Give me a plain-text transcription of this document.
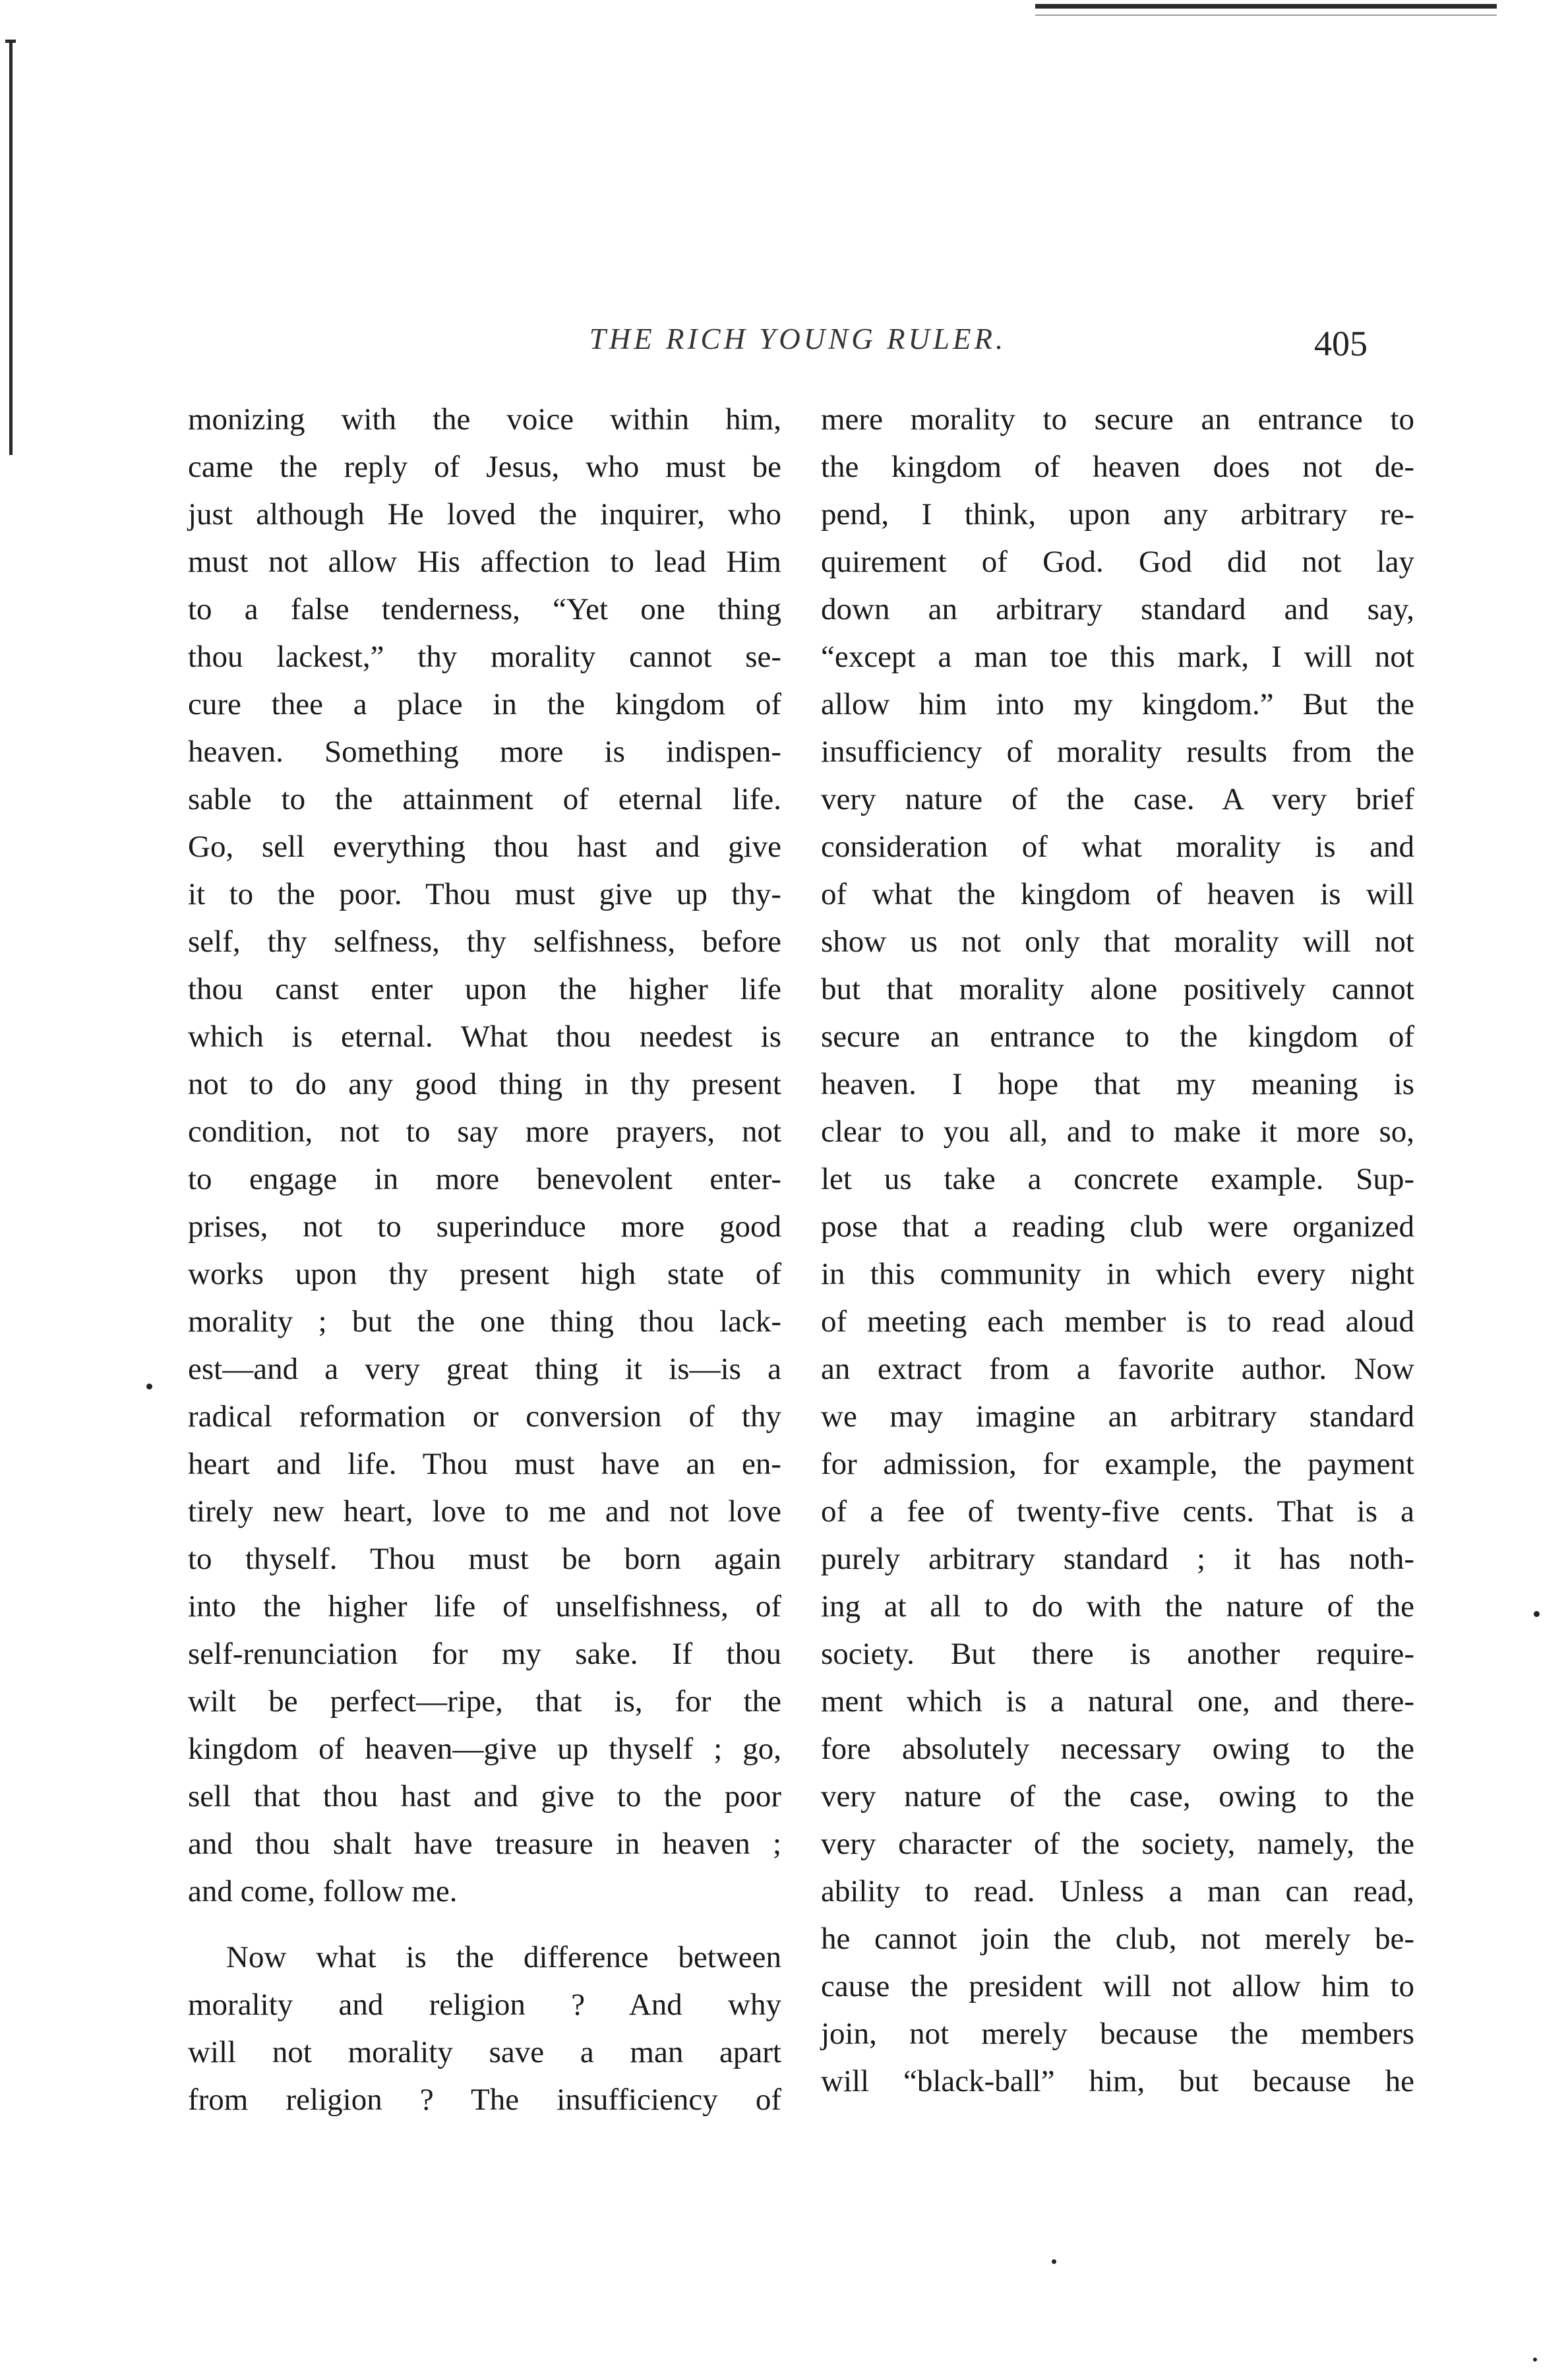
THE RICH YOUNG RULER.	405
monizing with the voice within him,
came the reply of Jesus, who must be
just although He loved the inquirer, who
must not allow His affection to lead Him
to a false tenderness, “Yet one thing
thou lackest,” thy morality cannot se-
cure thee a place in the kingdom of
heaven. Something more is indispen-
sable to the attainment of eternal life.
Go, sell everything thou hast and give
it to the poor. Thou must give up thy-
self, thy selfness, thy selfishness, before
thou canst enter upon the higher life
which is eternal. What thou needest is
not to do any good thing in thy present
condition, not to say more prayers, not
to engage in more benevolent enter-
prises, not to superinduce more good
works upon thy present high state of
morality ; but the one thing thou lack-
est—and a very great thing it is—is a
radical reformation or conversion of thy
heart and life. Thou must have an en-
tirely new heart, love to me and not love
to thyself. Thou must be born again
into the higher life of unselfishness, of
self-renunciation for my sake. If thou
wilt be perfect—ripe, that is, for the
kingdom of heaven—give up thyself ; go,
sell that thou hast and give to the poor
and thou shalt have treasure in heaven ;
and come, follow me.
Now what is the difference between
morality and religion ? And why
will not morality save a man apart
from religion ? The insufficiency of
mere morality to secure an entrance to
the kingdom of heaven does not de-
pend, I think, upon any arbitrary re-
quirement of God. God did not lay
down an arbitrary standard and say,
“except a man toe this mark, I will not
allow him into my kingdom.” But the
insufficiency of morality results from the
very nature of the case. A very brief
consideration of what morality is and
of what the kingdom of heaven is will
show us not only that morality will not
but that morality alone positively cannot
secure an entrance to the kingdom of
heaven. I hope that my meaning is
clear to you all, and to make it more so,
let us take a concrete example. Sup-
pose that a reading club were organized
in this community in which every night
of meeting each member is to read aloud
an extract from a favorite author. Now
we may imagine an arbitrary standard
for admission, for example, the payment
of a fee of twenty-five cents. That is a
purely arbitrary standard ; it has noth-
ing at all to do with the nature of the
society. But there is another require-
ment which is a natural one, and there-
fore absolutely necessary owing to the
very nature of the case, owing to the
very character of the society, namely, the
ability to read. Unless a man can read,
he cannot join the club, not merely be-
cause the president will not allow him to
join, not merely because the members
will “black-ball” him, but because he
